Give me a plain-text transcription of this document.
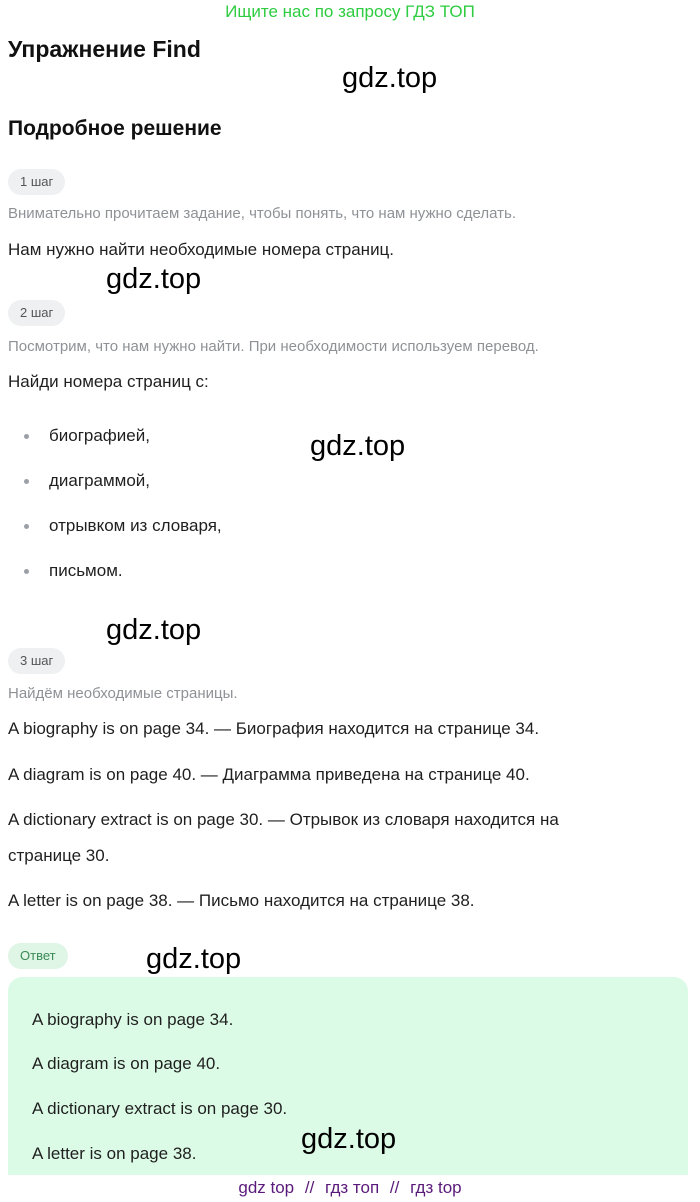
Ищите нас по запросу ГДЗ ТОП
Упражнение Find
gdz.top
Подробное решение
1 шаг
Внимательно прочитаем задание, чтобы понять, что нам нужно сделать.
Нам нужно найти необходимые номера страниц.
gdz.top
2 шаг
Посмотрим, что нам нужно найти. При необходимости используем перевод.
Найди номера страниц с:
биографией,
диаграммой,
отрывком из словаря,
письмом.
gdz.top
gdz.top
3 шаг
Найдём необходимые страницы.
A biography is on page 34. — Биография находится на странице 34.
A diagram is on page 40. — Диаграмма приведена на странице 40.
A dictionary extract is on page 30. — Отрывок из словаря находится на
странице 30.
A letter is on page 38. — Письмо находится на странице 38.
Ответ	gdz.top
A biography is on page 34.
A diagram is on page 40.
A dictionary extract is on page 30.
A letter is on page 38.	gdz.top
gdz top // гдз топ // гдз top
